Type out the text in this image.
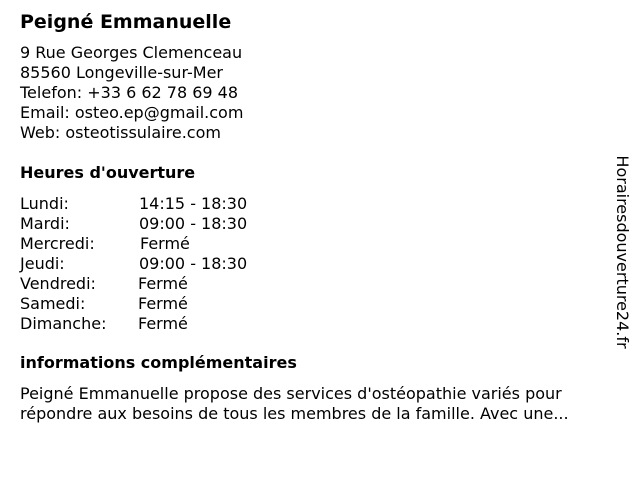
Peigné Emmanuelle
9 Rue Georges Clemenceau
85560 Longeville-sur-Mer
Telefon: +33 6 62 78 69 48
Email: osteo.ep@gmail.com
Web: osteotissulaire.com
Heures d'ouverture
Lundi:	14:15 - 18:30
Mardi:	09:00 - 18:30
Mercredi:	Fermé
Jeudi:	09:00 - 18:30
Vendredi:	Fermé
Samedi:	Fermé
Dimanche: Fermé
informations complémentaires
Peigné Emmanuelle propose des services d'ostéopathie variés pour
répondre aux besoins de tous les membres de la famille. Avec une...
Horairesdouverture24.fr
